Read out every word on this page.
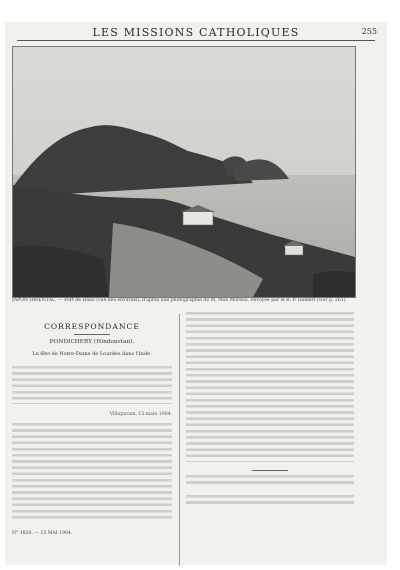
LES MISSIONS CATHOLIQUES	255
JAPON ORIENTAL. — Port de Hanô (vue des environs), d'après une photographie de M. Max Moreau, envoyée par le R. P. Guibert (voir p. 261).
CORRESPONDANCE
PONDICHERY (Hindoustan).
La fête de Notre-Dame de Lourdes dans l'Inde.
Villupuram, 15 mars 1904.
N° 1820. — 13 MAI 1904.
